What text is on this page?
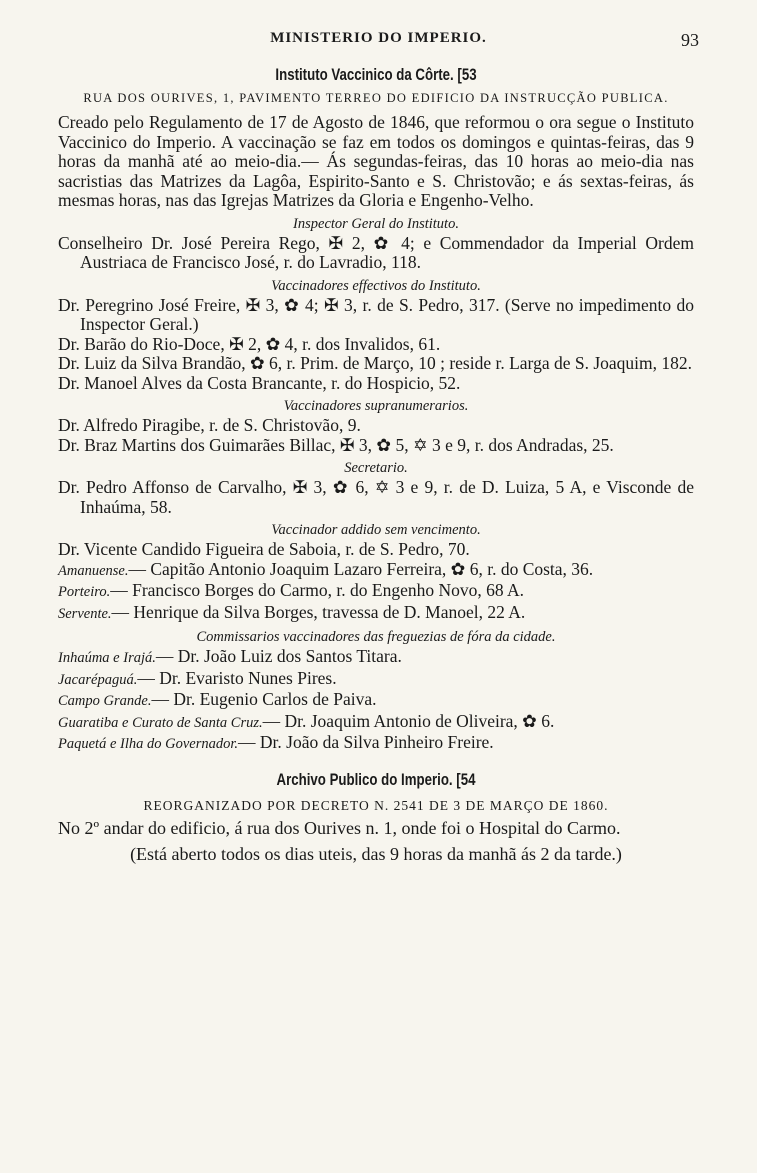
MINISTERIO DO IMPERIO.	93
Instituto Vaccinico da Côrte. [53
RUA DOS OURIVES, 1, PAVIMENTO TERREO DO EDIFICIO DA INSTRUCÇÃO PUBLICA.

Creado pelo Regulamento de 17 de Agosto de 1846, que reformou o ora segue o Instituto Vaccinico do Imperio. A vaccinação se faz em todos os domingos e quintas-feiras, das 9 horas da manhã até ao meio-dia.— Ás segundas-feiras, das 10 horas ao meio-dia nas sacristias das Matrizes da Lagôa, Espirito-Santo e S. Christovão; e ás sextas-feiras, ás mesmas horas, nas das Igrejas Matrizes da Gloria e Engenho-Velho.

Inspector Geral do Instituto.

Conselheiro Dr. José Pereira Rego, ✠ 2, ✿ 4; e Commendador da Imperial Ordem Austriaca de Francisco José, r. do Lavradio, 118.

Vaccinadores effectivos do Instituto.

Dr. Peregrino José Freire, ✠ 3, ✿ 4; ✠ 3, r. de S. Pedro, 317. (Serve no impedimento do Inspector Geral.)

Dr. Barão do Rio-Doce, ✠ 2, ✿ 4, r. dos Invalidos, 61.

Dr. Luiz da Silva Brandão, ✿ 6, r. Prim. de Março, 10 ; reside r. Larga de S. Joaquim, 182.

Dr. Manoel Alves da Costa Brancante, r. do Hospicio, 52.

Vaccinadores supranumerarios.

Dr. Alfredo Piragibe, r. de S. Christovão, 9.

Dr. Braz Martins dos Guimarães Billac, ✠ 3, ✿ 5, ✡ 3 e 9, r. dos Andradas, 25.

Secretario.

Dr. Pedro Affonso de Carvalho, ✠ 3, ✿ 6, ✡ 3 e 9, r. de D. Luiza, 5 A, e Visconde de Inhaúma, 58.

Vaccinador addido sem vencimento.

Dr. Vicente Candido Figueira de Saboia, r. de S. Pedro, 70.

Amanuense.— Capitão Antonio Joaquim Lazaro Ferreira, ✿ 6, r. do Costa, 36.

Porteiro.— Francisco Borges do Carmo, r. do Engenho Novo, 68 A.

Servente.— Henrique da Silva Borges, travessa de D. Manoel, 22 A.

Commissarios vaccinadores das freguezias de fóra da cidade.

Inhaúma e Irajá.— Dr. João Luiz dos Santos Titara.

Jacarépaguá.— Dr. Evaristo Nunes Pires.

Campo Grande.— Dr. Eugenio Carlos de Paiva.

Guaratiba e Curato de Santa Cruz.— Dr. Joaquim Antonio de Oliveira, ✿ 6.

Paquetá e Ilha do Governador.— Dr. João da Silva Pinheiro Freire.

Archivo Publico do Imperio. [54
REORGANIZADO POR DECRETO N. 2541 DE 3 DE MARÇO DE 1860.

No 2º andar do edificio, á rua dos Ourives n. 1, onde foi o Hospital do Carmo.

(Está aberto todos os dias uteis, das 9 horas da manhã ás 2 da tarde.)
